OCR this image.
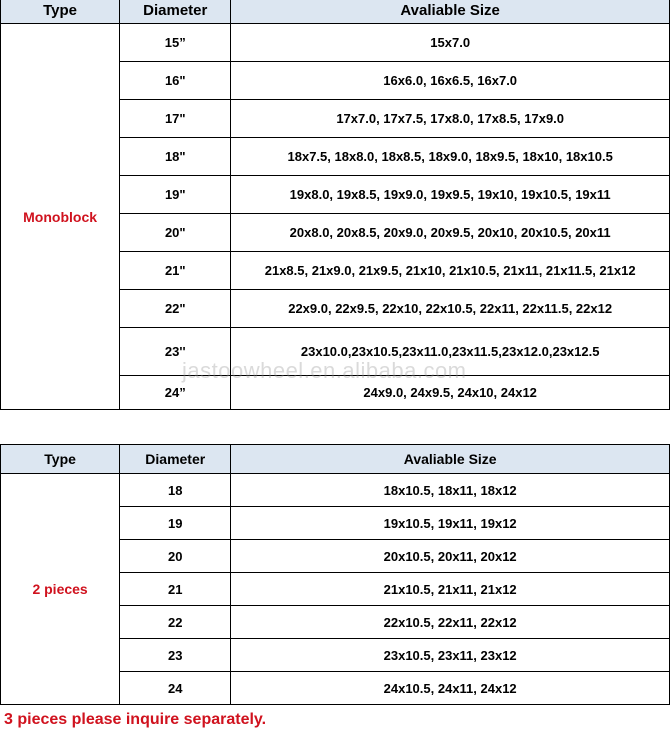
Type	Diameter	Avaliable Size
Monoblock	15”	15x7.0
	16"	16x6.0, 16x6.5, 16x7.0
	17"	17x7.0, 17x7.5, 17x8.0, 17x8.5, 17x9.0
	18"	18x7.5, 18x8.0, 18x8.5, 18x9.0, 18x9.5, 18x10, 18x10.5
	19"	19x8.0, 19x8.5, 19x9.0, 19x9.5, 19x10, 19x10.5, 19x11
	20"	20x8.0, 20x8.5, 20x9.0, 20x9.5, 20x10, 20x10.5, 20x11
	21"	21x8.5, 21x9.0, 21x9.5, 21x10, 21x10.5, 21x11, 21x11.5, 21x12
	22"	22x9.0, 22x9.5, 22x10, 22x10.5, 22x11, 22x11.5, 22x12
	23''	23x10.0,23x10.5,23x11.0,23x11.5,23x12.0,23x12.5
	24”	24x9.0, 24x9.5, 24x10, 24x12
jastoowheel.en.alibaba.com
Type	Diameter	Avaliable Size
2 pieces	18	18x10.5, 18x11, 18x12
	19	19x10.5, 19x11, 19x12
	20	20x10.5, 20x11, 20x12
	21	21x10.5, 21x11, 21x12
	22	22x10.5, 22x11, 22x12
	23	23x10.5, 23x11, 23x12
	24	24x10.5, 24x11, 24x12
3 pieces please inquire separately.
